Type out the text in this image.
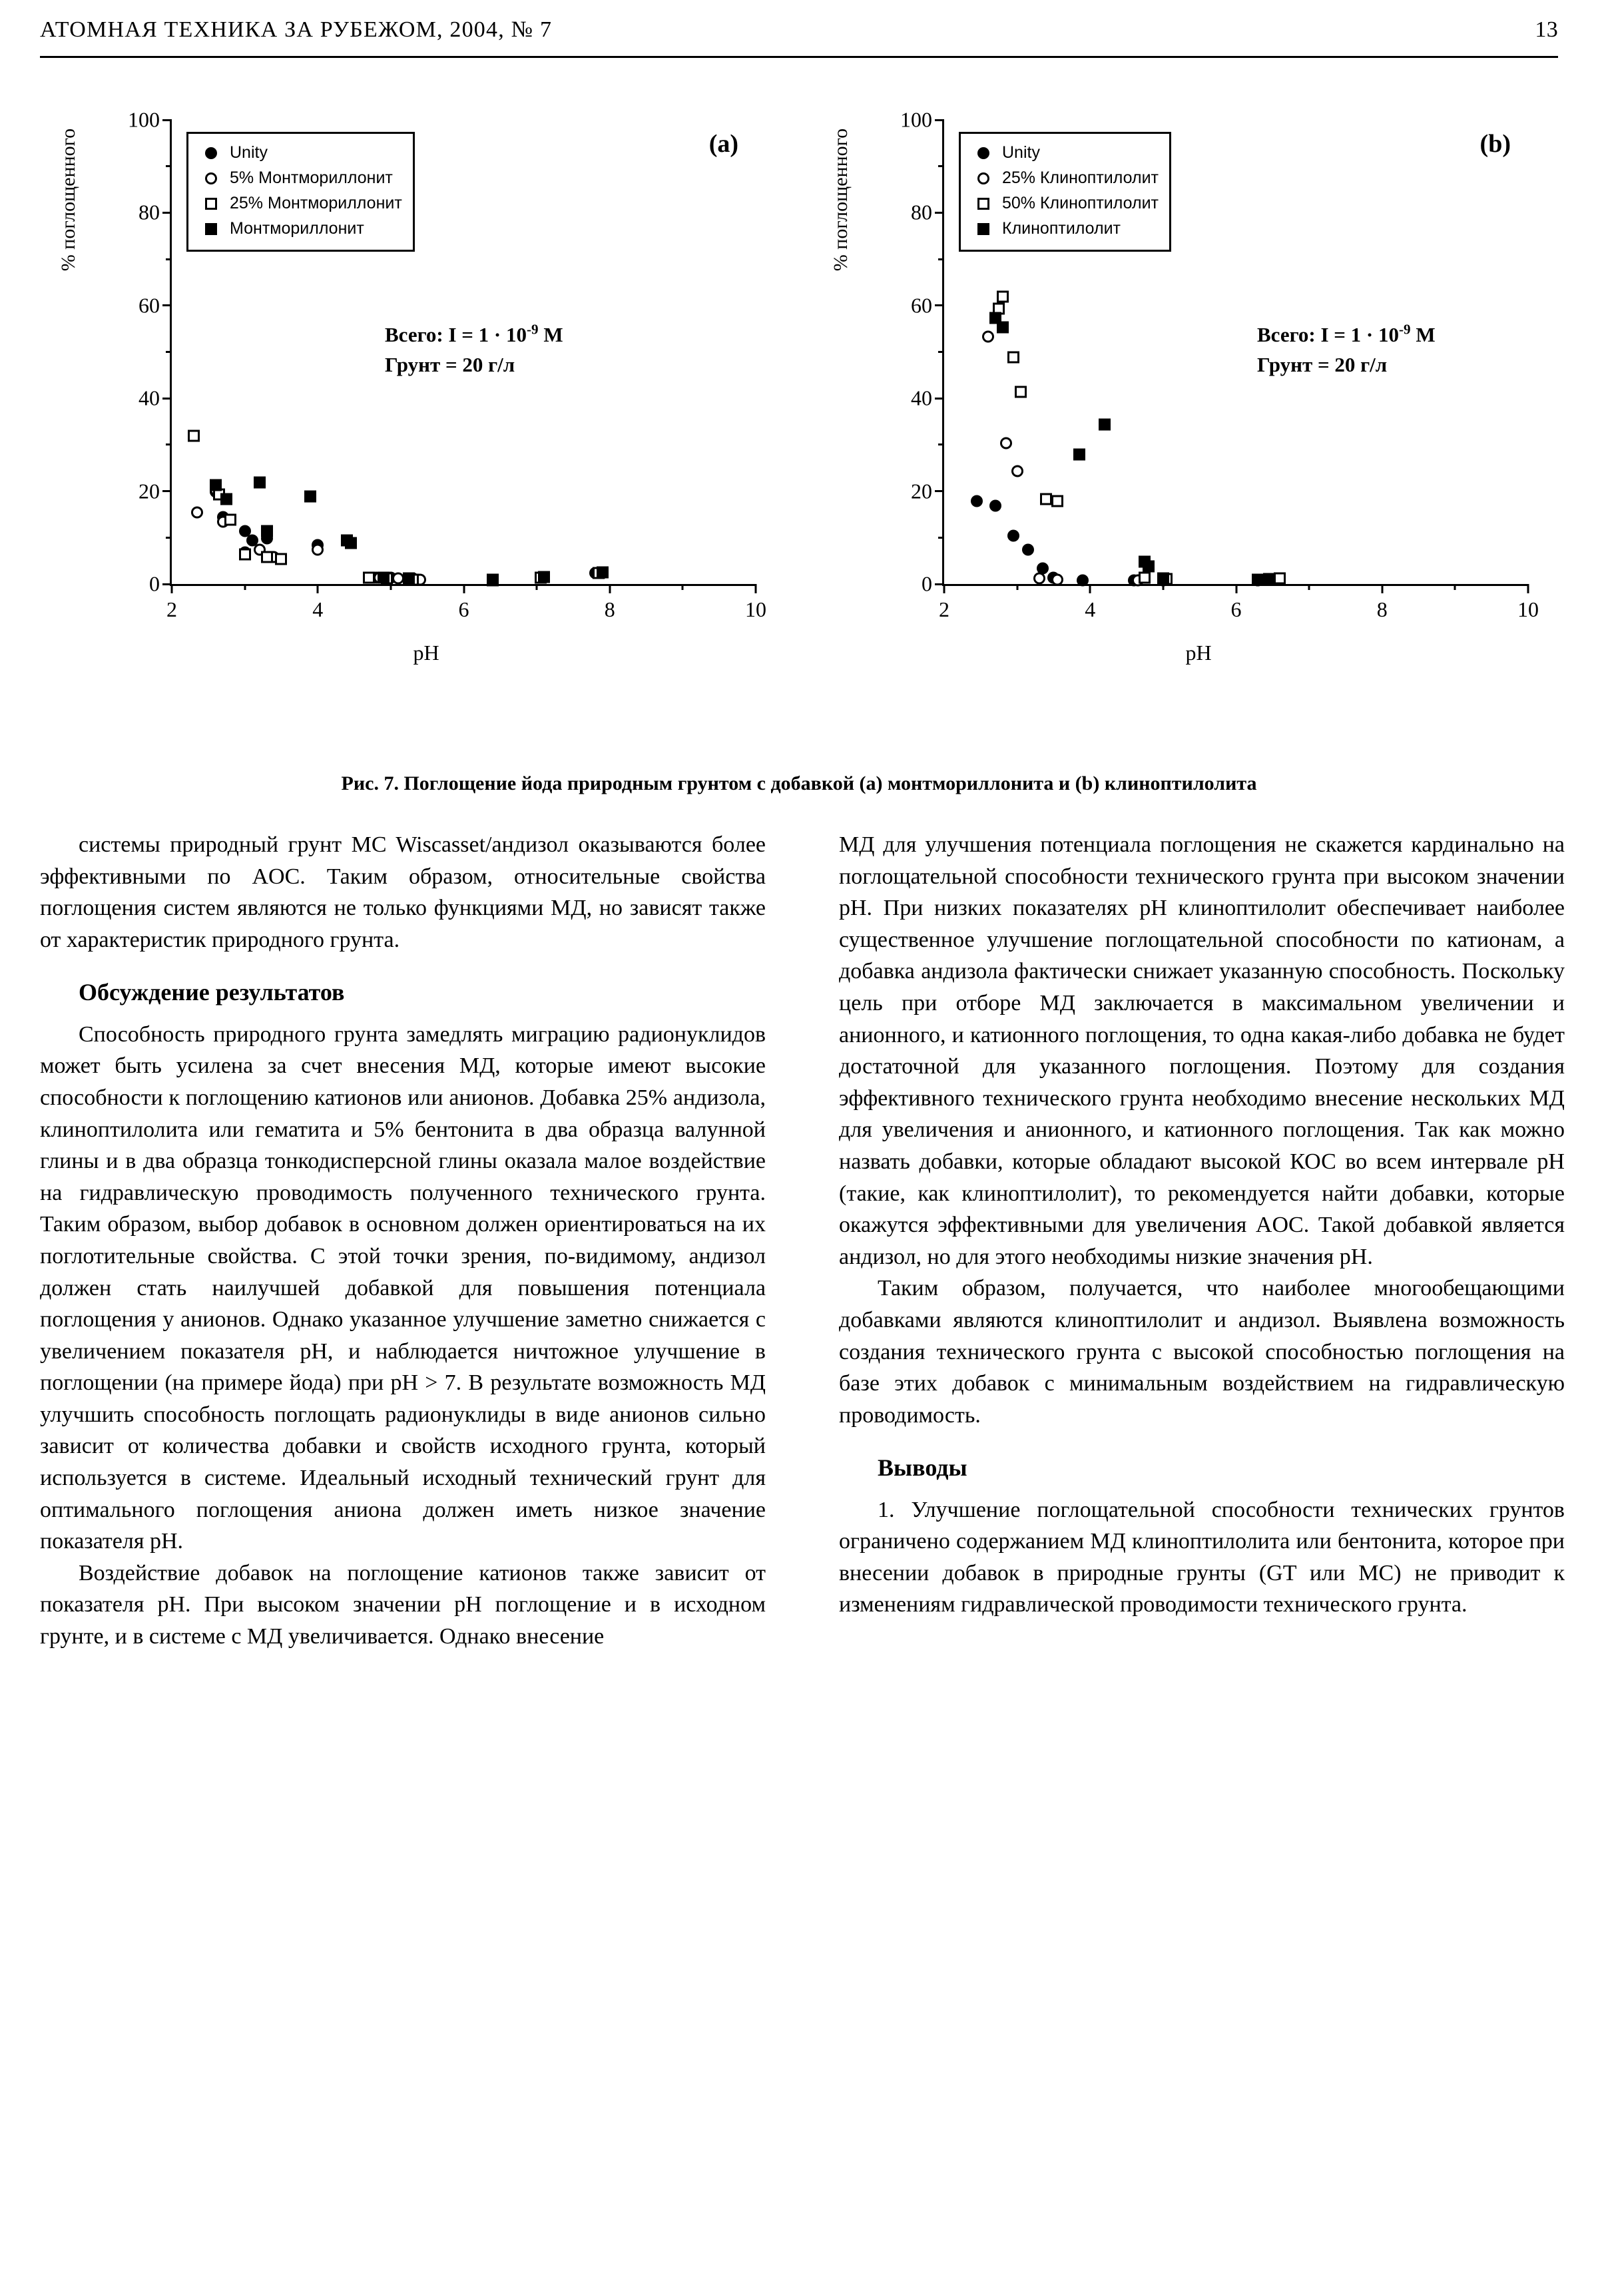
АТОМНАЯ ТЕХНИКА ЗА РУБЕЖОМ, 2004, № 7	13
% поглощенного
pH
0
20
40
60
80
100
2	4	6	8	10
(a)
Unity
5% Монтмориллонит
25% Монтмориллонит
Монтмориллонит
Всего: $I = 1 \cdot 10^{-9}$ М
Грунт = 20 г/л
% поглощенного
pH
0
20
40
60
80
100
2	4	6	8	10
(b)
Unity
25% Клиноптилолит
50% Клиноптилолит
Клиноптилолит
Всего: $I = 1 \cdot 10^{-9}$ М
Грунт = 20 г/л
Рис. 7. Поглощение йода природным грунтом с добавкой (a) монтмориллонита и (b) клиноптилолита

системы природный грунт MC Wiscasset/андизол оказываются более эффективными по AOC. Таким образом, относительные свойства поглощения систем являются не только функциями МД, но зависят также от характеристик природного грунта.

Обсуждение результатов

Способность природного грунта замедлять миграцию радионуклидов может быть усилена за счет внесения МД, которые имеют высокие способности к поглощению катионов или анионов. Добавка 25% андизола, клиноптилолита или гематита и 5% бентонита в два образца валунной глины и в два образца тонкодисперсной глины оказала малое воздействие на гидравлическую проводимость полученного технического грунта. Таким образом, выбор добавок в основном должен ориентироваться на их поглотительные свойства. С этой точки зрения, по-видимому, андизол должен стать наилучшей добавкой для повышения потенциала поглощения у анионов. Однако указанное улучшение заметно снижается с увеличением показателя pH, и наблюдается ничтожное улучшение в поглощении (на примере йода) при pH > 7. В результате возможность МД улучшить способность поглощать радионуклиды в виде анионов сильно зависит от количества добавки и свойств исходного грунта, который используется в системе. Идеальный исходный технический грунт для оптимального поглощения аниона должен иметь низкое значение показателя pH.

Воздействие добавок на поглощение катионов также зависит от показателя pH. При высоком значении pH поглощение и в исходном грунте, и в системе с МД увеличивается. Однако внесение

МД для улучшения потенциала поглощения не скажется кардинально на поглощательной способности технического грунта при высоком значении pH. При низких показателях pH клиноптилолит обеспечивает наиболее существенное улучшение поглощательной способности по катионам, а добавка андизола фактически снижает указанную способность. Поскольку цель при отборе МД заключается в максимальном увеличении и анионного, и катионного поглощения, то одна какая-либо добавка не будет достаточной для указанного поглощения. Поэтому для создания эффективного технического грунта необходимо внесение нескольких МД для увеличения и анионного, и катионного поглощения. Так как можно назвать добавки, которые обладают высокой КОС во всем интервале pH (такие, как клиноптилолит), то рекомендуется найти добавки, которые окажутся эффективными для увеличения AOC. Такой добавкой является андизол, но для этого необходимы низкие значения pH.

Таким образом, получается, что наиболее многообещающими добавками являются клиноптилолит и андизол. Выявлена возможность создания технического грунта с высокой способностью поглощения на базе этих добавок с минимальным воздействием на гидравлическую проводимость.

Выводы

1. Улучшение поглощательной способности технических грунтов ограничено содержанием МД клиноптилолита или бентонита, которое при внесении добавок в природные грунты (GT или MC) не приводит к изменениям гидравлической проводимости технического грунта.
